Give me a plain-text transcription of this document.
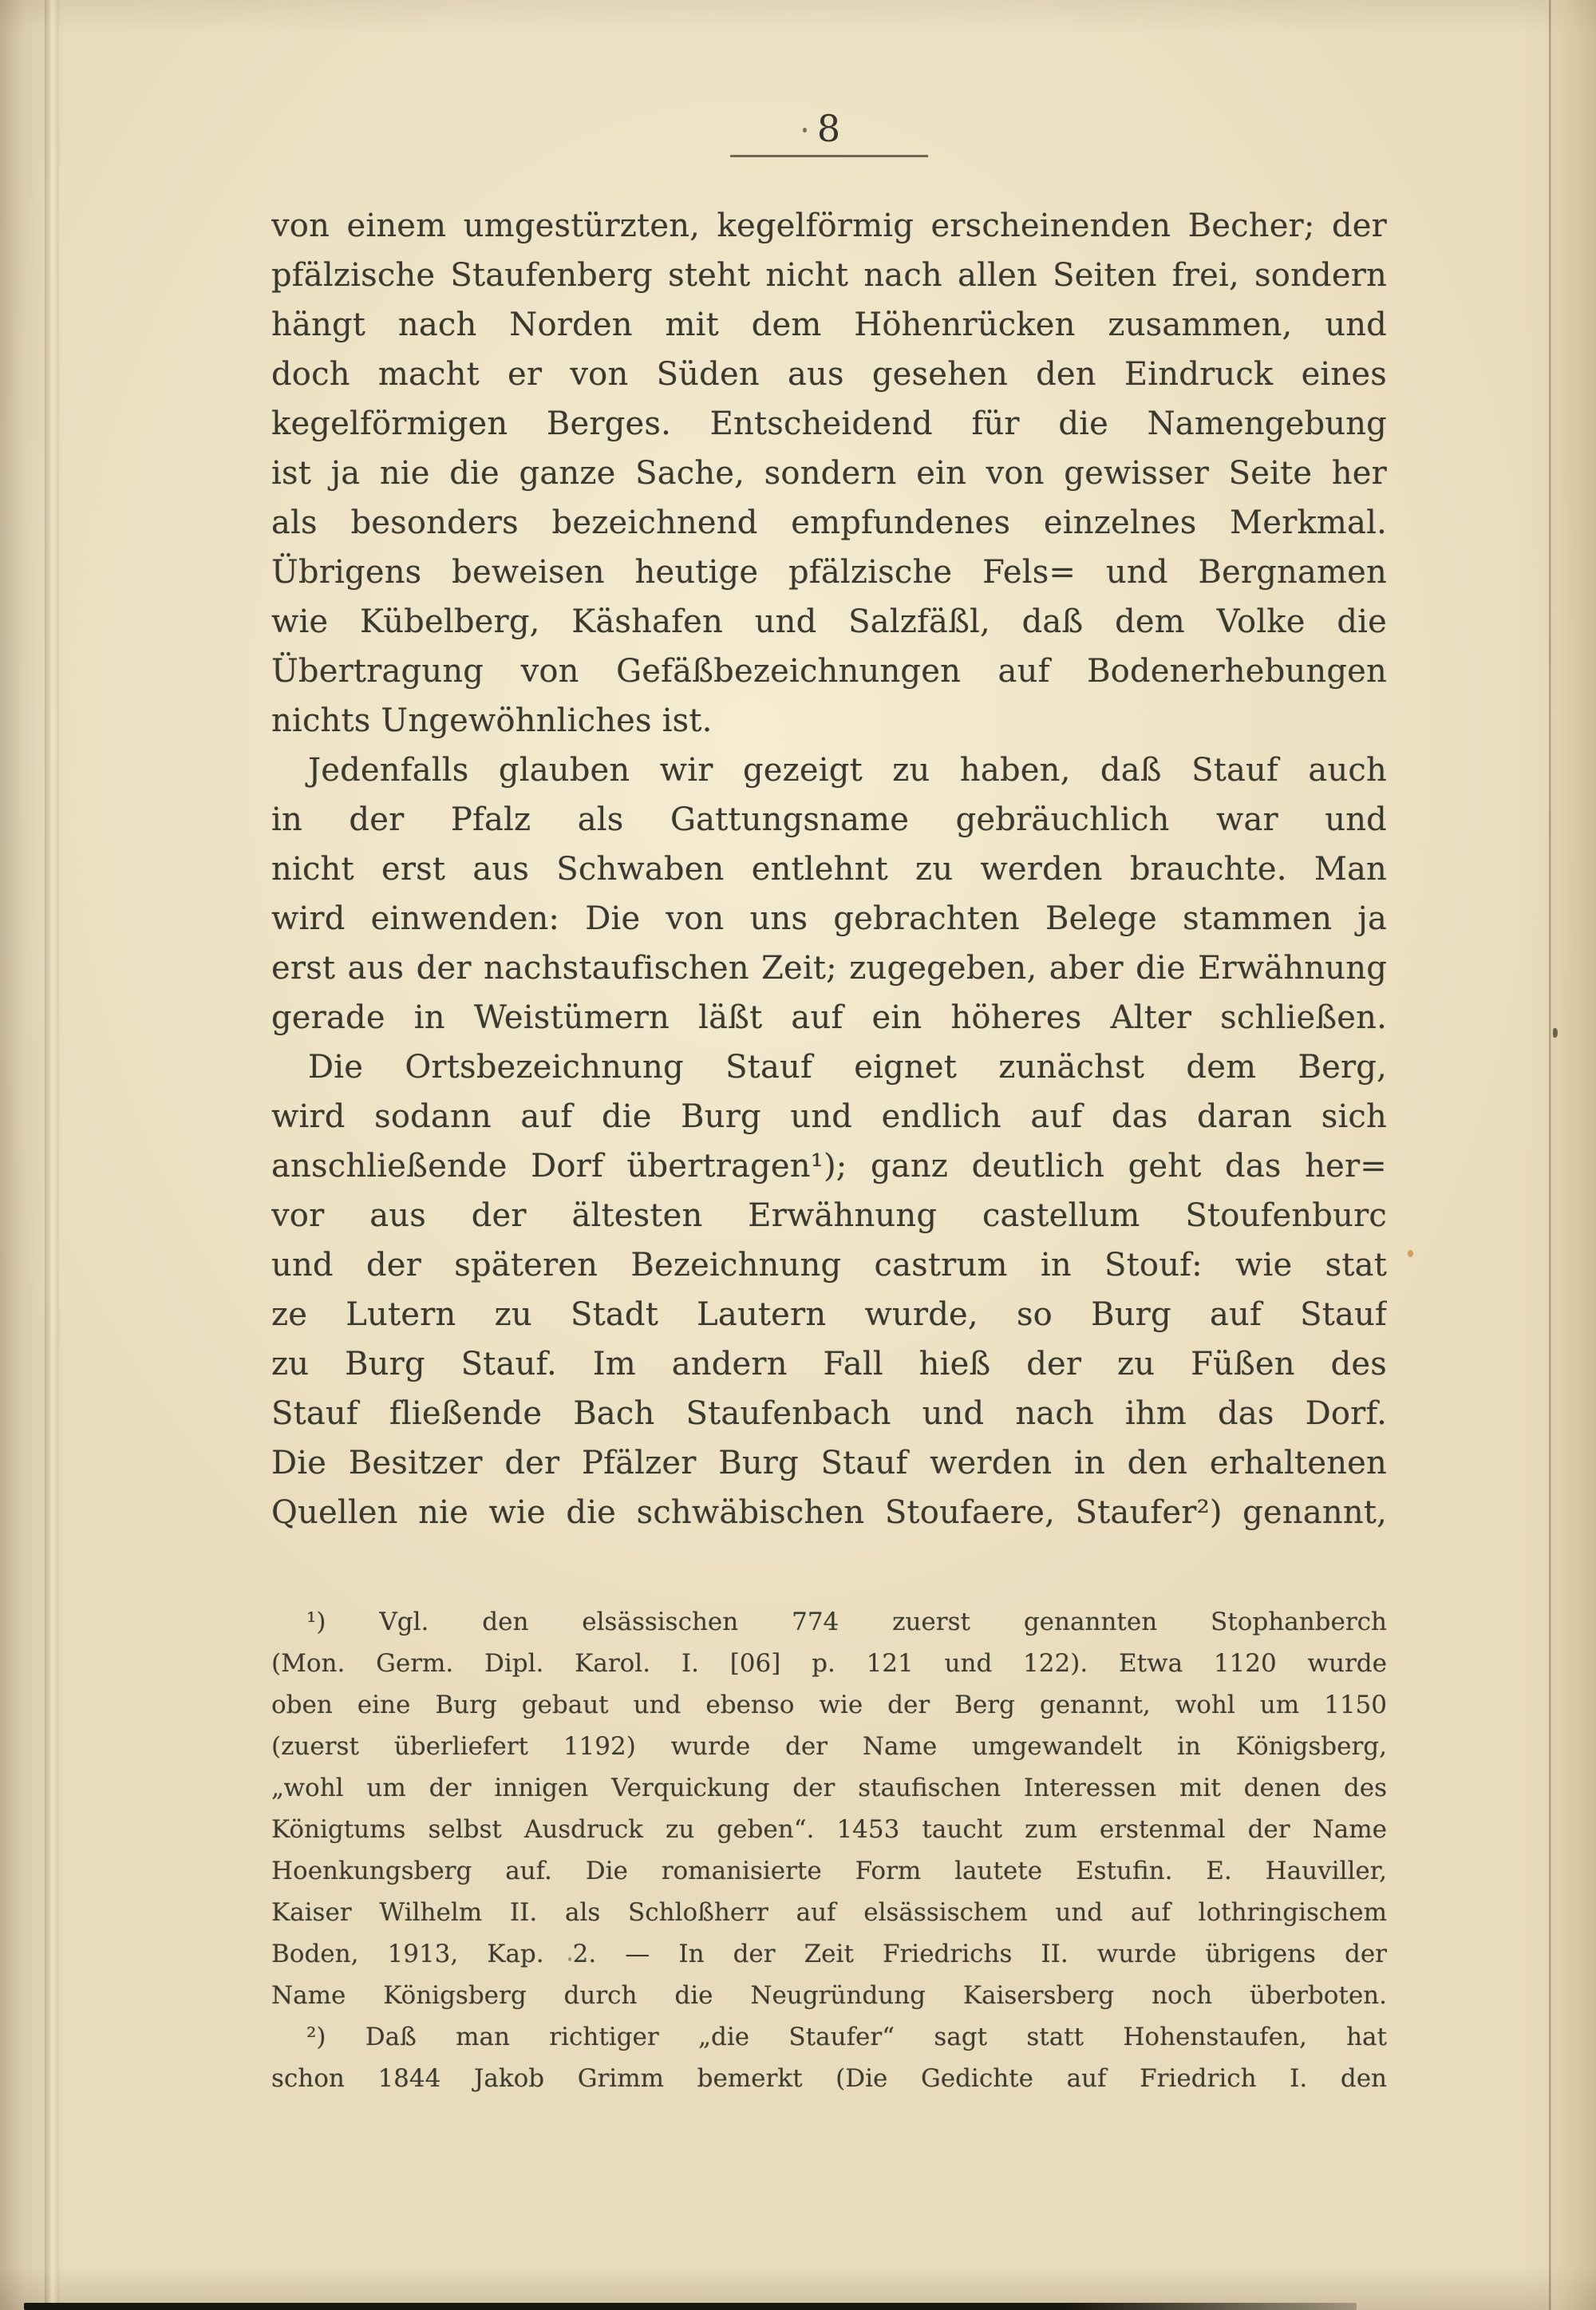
8
von einem umgestürzten, kegelförmig erscheinenden Becher; der
pfälzische Staufenberg steht nicht nach allen Seiten frei, sondern
hängt nach Norden mit dem Höhenrücken zusammen, und
doch macht er von Süden aus gesehen den Eindruck eines
kegelförmigen Berges. Entscheidend für die Namengebung
ist ja nie die ganze Sache, sondern ein von gewisser Seite her
als besonders bezeichnend empfundenes einzelnes Merkmal.
Übrigens beweisen heutige pfälzische Fels= und Bergnamen
wie Kübelberg, Käshafen und Salzfäßl, daß dem Volke die
Übertragung von Gefäßbezeichnungen auf Bodenerhebungen
nichts Ungewöhnliches ist.
Jedenfalls glauben wir gezeigt zu haben, daß Stauf auch
in der Pfalz als Gattungsname gebräuchlich war und
nicht erst aus Schwaben entlehnt zu werden brauchte. Man
wird einwenden: Die von uns gebrachten Belege stammen ja
erst aus der nachstaufischen Zeit; zugegeben, aber die Erwähnung
gerade in Weistümern läßt auf ein höheres Alter schließen.
Die Ortsbezeichnung Stauf eignet zunächst dem Berg,
wird sodann auf die Burg und endlich auf das daran sich
anschließende Dorf übertragen¹); ganz deutlich geht das her=
vor aus der ältesten Erwähnung castellum Stoufenburc
und der späteren Bezeichnung castrum in Stouf: wie stat
ze Lutern zu Stadt Lautern wurde, so Burg auf Stauf
zu Burg Stauf. Im andern Fall hieß der zu Füßen des
Stauf fließende Bach Staufenbach und nach ihm das Dorf.
Die Besitzer der Pfälzer Burg Stauf werden in den erhaltenen
Quellen nie wie die schwäbischen Stoufaere, Staufer²) genannt,
¹) Vgl. den elsässischen 774 zuerst genannten Stophanberch
(Mon. Germ. Dipl. Karol. I. [06] p. 121 und 122). Etwa 1120 wurde
oben eine Burg gebaut und ebenso wie der Berg genannt, wohl um 1150
(zuerst überliefert 1192) wurde der Name umgewandelt in Königsberg,
„wohl um der innigen Verquickung der staufischen Interessen mit denen des
Königtums selbst Ausdruck zu geben“. 1453 taucht zum erstenmal der Name
Hoenkungsberg auf. Die romanisierte Form lautete Estufin. E. Hauviller,
Kaiser Wilhelm II. als Schloßherr auf elsässischem und auf lothringischem
Boden, 1913, Kap. 2. — In der Zeit Friedrichs II. wurde übrigens der
Name Königsberg durch die Neugründung Kaisersberg noch überboten.
²) Daß man richtiger „die Staufer“ sagt statt Hohenstaufen, hat
schon 1844 Jakob Grimm bemerkt (Die Gedichte auf Friedrich I. den
